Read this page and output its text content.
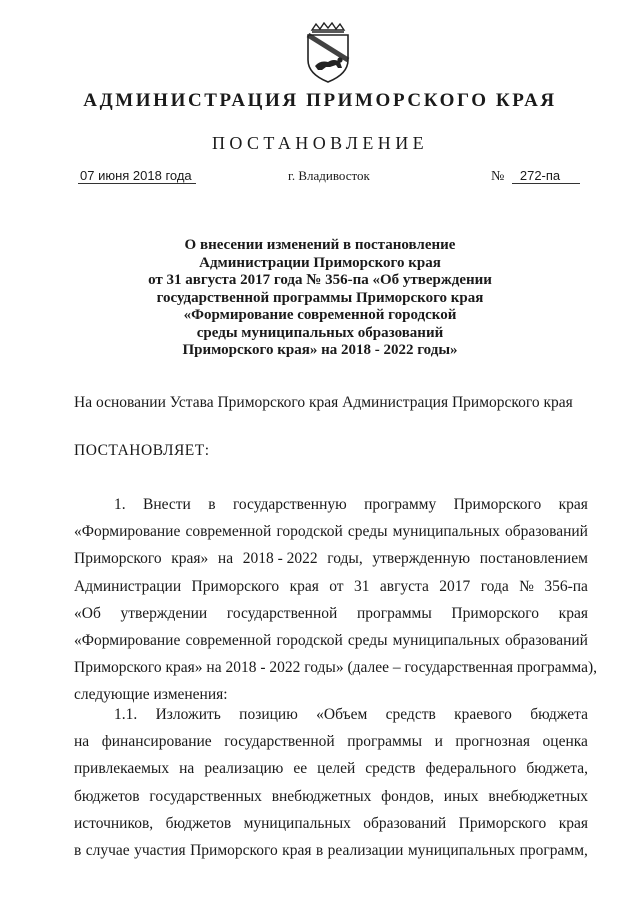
АДМИНИСТРАЦИЯ ПРИМОРСКОГО КРАЯ
ПОСТАНОВЛЕНИЕ
07 июня 2018 года	г. Владивосток	№ 272-па
О внесении изменений в постановление
Администрации Приморского края
от 31 августа 2017 года № 356-па «Об утверждении
государственной программы Приморского края
«Формирование современной городской
среды муниципальных образований
Приморского края» на 2018 - 2022 годы»
На основании Устава Приморского края Администрация Приморского края
ПОСТАНОВЛЯЕТ:
1. Внести в государственную программу Приморского края
«Формирование современной городской среды муниципальных образований
Приморского края» на 2018 - 2022 годы, утвержденную постановлением
Администрации Приморского края от 31 августа 2017 года № 356-па
«Об утверждении государственной программы Приморского края
«Формирование современной городской среды муниципальных образований
Приморского края» на 2018 - 2022 годы» (далее – государственная программа),
следующие изменения:
1.1. Изложить позицию «Объем средств краевого бюджета
на финансирование государственной программы и прогнозная оценка
привлекаемых на реализацию ее целей средств федерального бюджета,
бюджетов государственных внебюджетных фондов, иных внебюджетных
источников, бюджетов муниципальных образований Приморского края
в случае участия Приморского края в реализации муниципальных программ,
